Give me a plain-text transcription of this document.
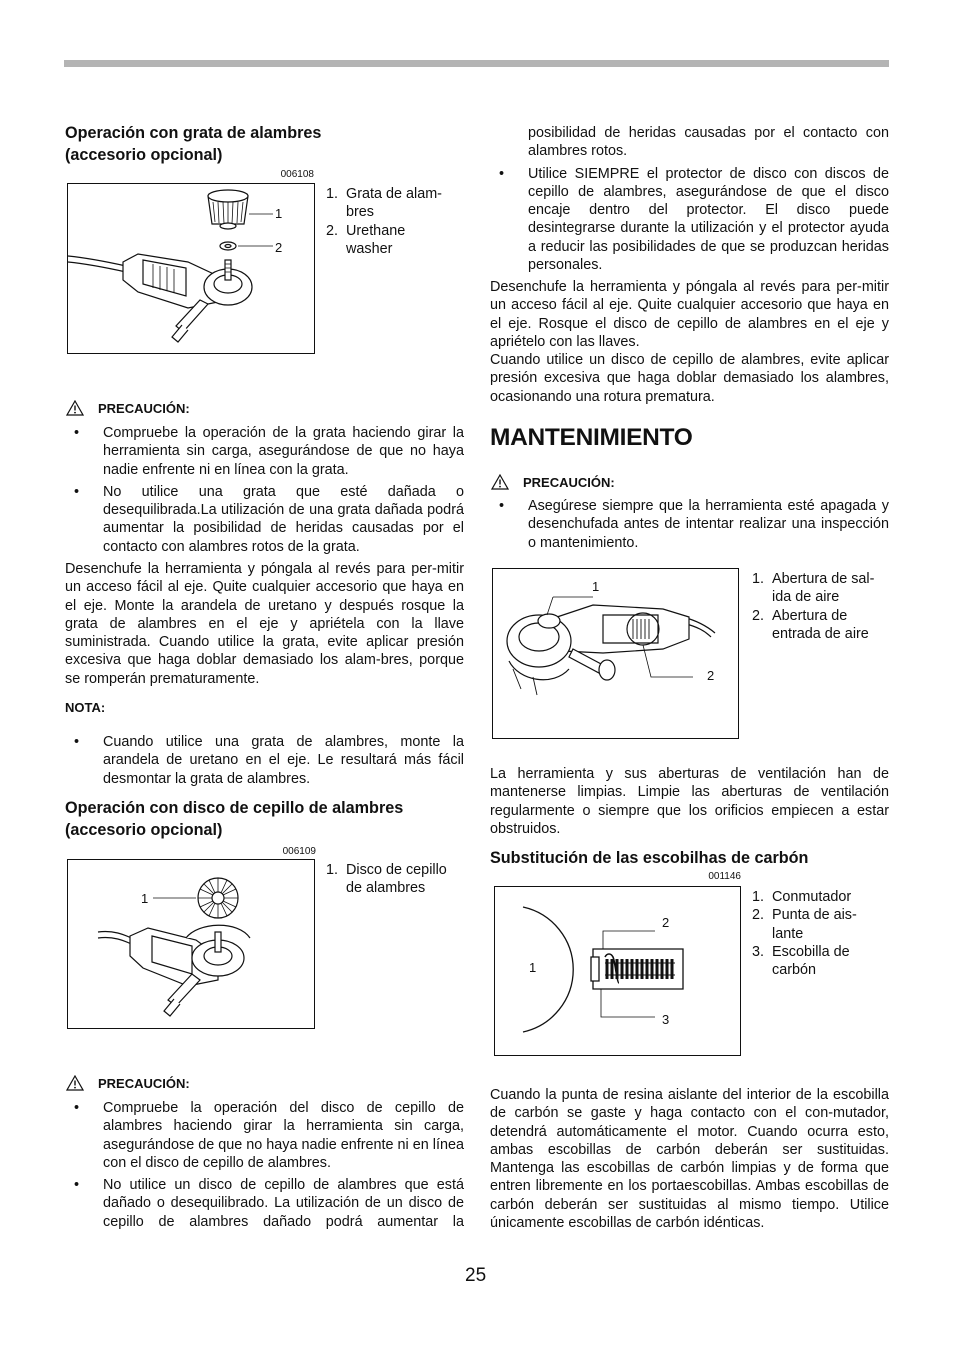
Operación con grata de alambres
(accesorio opcional)
006108
1
2
1. Grata de alam-
bres
2. Urethane
washer
PRECAUCIÓN:
•	Compruebe la operación de la grata haciendo girar la herramienta sin carga, asegurándose de que no haya nadie enfrente ni en línea con la grata.
•	No utilice una grata que esté dañada o desequilibrada.La utilización de una grata dañada podrá aumentar la posibilidad de heridas causadas por el contacto con alambres rotos de la grata.

Desenchufe la herramienta y póngala al revés para per-mitir un acceso fácil al eje. Quite cualquier accesorio que haya en el eje. Monte la arandela de uretano y después rosque la grata de alambres en el eje y apriétela con la llave suministrada. Cuando utilice la grata, evite aplicar presión excesiva que haga doblar demasiado los alam-bres, porque se romperán prematuramente.

NOTA:
•	Cuando utilice una grata de alambres, monte la arandela de uretano en el eje. Le resultará más fácil desmontar la grata de alambres.
Operación con disco de cepillo de alambres
(accesorio opcional)
006109
1
1. Disco de cepillo
de alambres
PRECAUCIÓN:
•	Compruebe la operación del disco de cepillo de alambres haciendo girar la herramienta sin carga, asegurándose de que no haya nadie enfrente ni en línea con el disco de cepillo de alambres.
•	No utilice un disco de cepillo de alambres que está dañado o desequilibrado. La utilización de un disco de cepillo de alambres dañado podrá aumentar la
posibilidad de heridas causadas por el contacto con alambres rotos.
•	Utilice SIEMPRE el protector de disco con discos de cepillo de alambres, asegurándose de que el disco encaje dentro del protector. El disco puede desintegrarse durante la utilización y el protector ayuda a reducir las posibilidades de que se produzcan heridas personales.

Desenchufe la herramienta y póngala al revés para per-mitir un acceso fácil al eje. Quite cualquier accesorio que haya en el eje. Rosque el disco de cepillo de alambres en el eje y apriételo con las llaves.

Cuando utilice un disco de cepillo de alambres, evite aplicar presión excesiva que haga doblar demasiado los alambres, ocasionando una rotura prematura.

MANTENIMIENTO
PRECAUCIÓN:
•	Asegúrese siempre que la herramienta esté apagada y desenchufada antes de intentar realizar una inspección o mantenimiento.
1
2
1. Abertura de sal-
ida de aire
2. Abertura de
entrada de aire

La herramienta y sus aberturas de ventilación han de mantenerse limpias. Limpie las aberturas de ventilación regularmente o siempre que los orificios empiecen a estar obstruidos.

Substitución de las escobilhas de carbón
001146
1
2
3
1. Conmutador
2. Punta de ais-
lante
3. Escobilla de
carbón

Cuando la punta de resina aislante del interior de la escobilla de carbón se gaste y haga contacto con el con-mutador, detendrá automáticamente el motor. Cuando ocurra esto, ambas escobillas de carbón deberán ser sustituidas. Mantenga las escobillas de carbón limpias y de forma que entren libremente en los portaescobillas. Ambas escobillas de carbón deberán ser sustituidas al mismo tiempo. Utilice únicamente escobillas de carbón idénticas.

25
